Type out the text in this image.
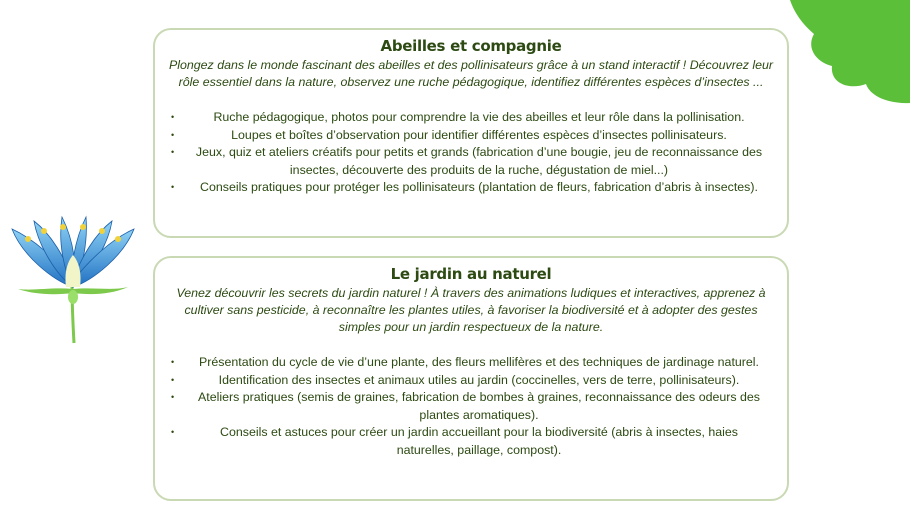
Abeilles et compagnie
Plongez dans le monde fascinant des abeilles et des pollinisateurs grâce à un stand interactif ! Découvrez leur rôle essentiel dans la nature, observez une ruche pédagogique, identifiez différentes espèces d’insectes ...
•	Ruche pédagogique, photos pour comprendre la vie des abeilles et leur rôle dans la pollinisation.
•	Loupes et boîtes d’observation pour identifier différentes espèces d’insectes pollinisateurs.
• Jeux, quiz et ateliers créatifs pour petits et grands (fabrication d’une bougie, jeu de reconnaissance des insectes, découverte des produits de la ruche, dégustation de miel...)
• Conseils pratiques pour protéger les pollinisateurs (plantation de fleurs, fabrication d’abris à insectes).
Le jardin au naturel
Venez découvrir les secrets du jardin naturel ! À travers des animations ludiques et interactives, apprenez à cultiver sans pesticide, à reconnaître les plantes utiles, à favoriser la biodiversité et à adopter des gestes simples pour un jardin respectueux de la nature.
• Présentation du cycle de vie d’une plante, des fleurs mellifères et des techniques de jardinage naturel.
•	Identification des insectes et animaux utiles au jardin (coccinelles, vers de terre, pollinisateurs).
• Ateliers pratiques (semis de graines, fabrication de bombes à graines, reconnaissance des odeurs des plantes aromatiques).
•	Conseils et astuces pour créer un jardin accueillant pour la biodiversité (abris à insectes, haies naturelles, paillage, compost).
